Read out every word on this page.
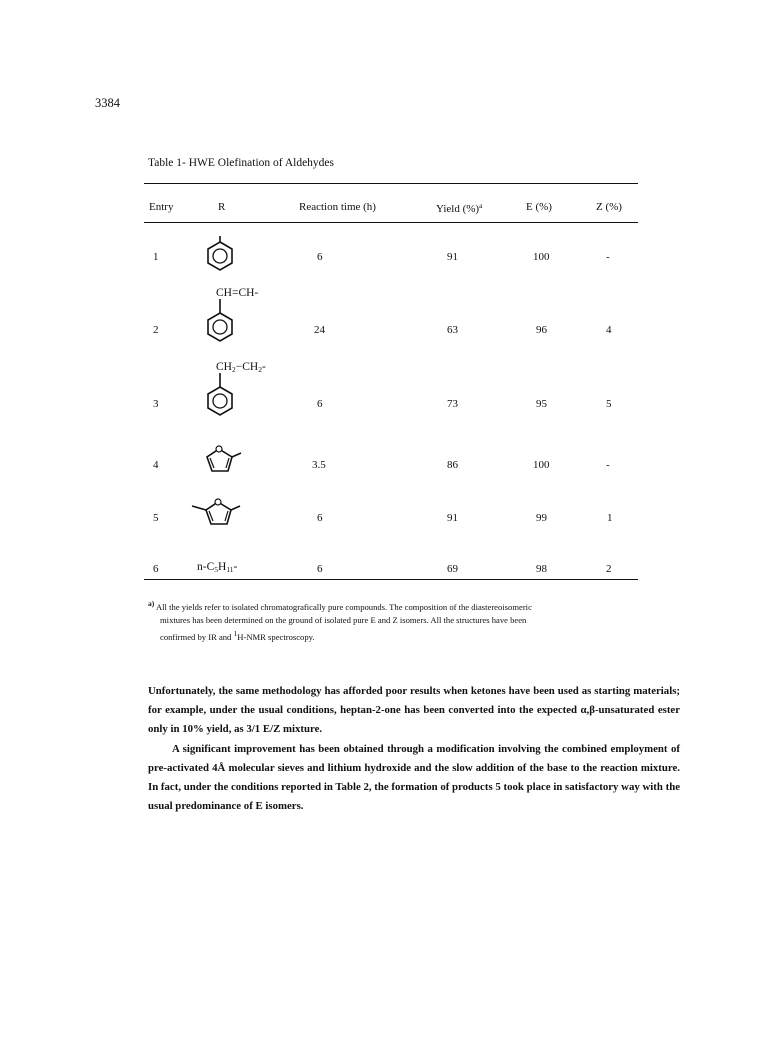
3384
Table 1- HWE Olefination of Aldehydes
Entry	R	Reaction time (h)	Yield (%)$^a$	E (%)	Z (%)
1	6	91	100	-
CH=CH-
2	24	63	96	4
$CH_2-CH_2-$
3	6	73	95	5
4	3.5	86	100	-
5	6	91	99	1
6	$n-C_5H_{11}-$	6	69	98	2
a) All the yields refer to isolated chromatografically pure compounds. The composition of the diastereoisomeric
mixtures has been determined on the ground of isolated pure E and Z isomers. All the structures have been
confirmed by IR and 1H-NMR spectroscopy.

Unfortunately, the same methodology has afforded poor results when ketones have been used as starting materials; for example, under the usual conditions, heptan-2-one has been converted into the expected α,β-unsaturated ester only in 10% yield, as 3/1 E/Z mixture.

A significant improvement has been obtained through a modification involving the combined employment of pre-activated 4Å molecular sieves and lithium hydroxide and the slow addition of the base to the reaction mixture. In fact, under the conditions reported in Table 2, the formation of products 5 took place in satisfactory way with the usual predominance of E isomers.
